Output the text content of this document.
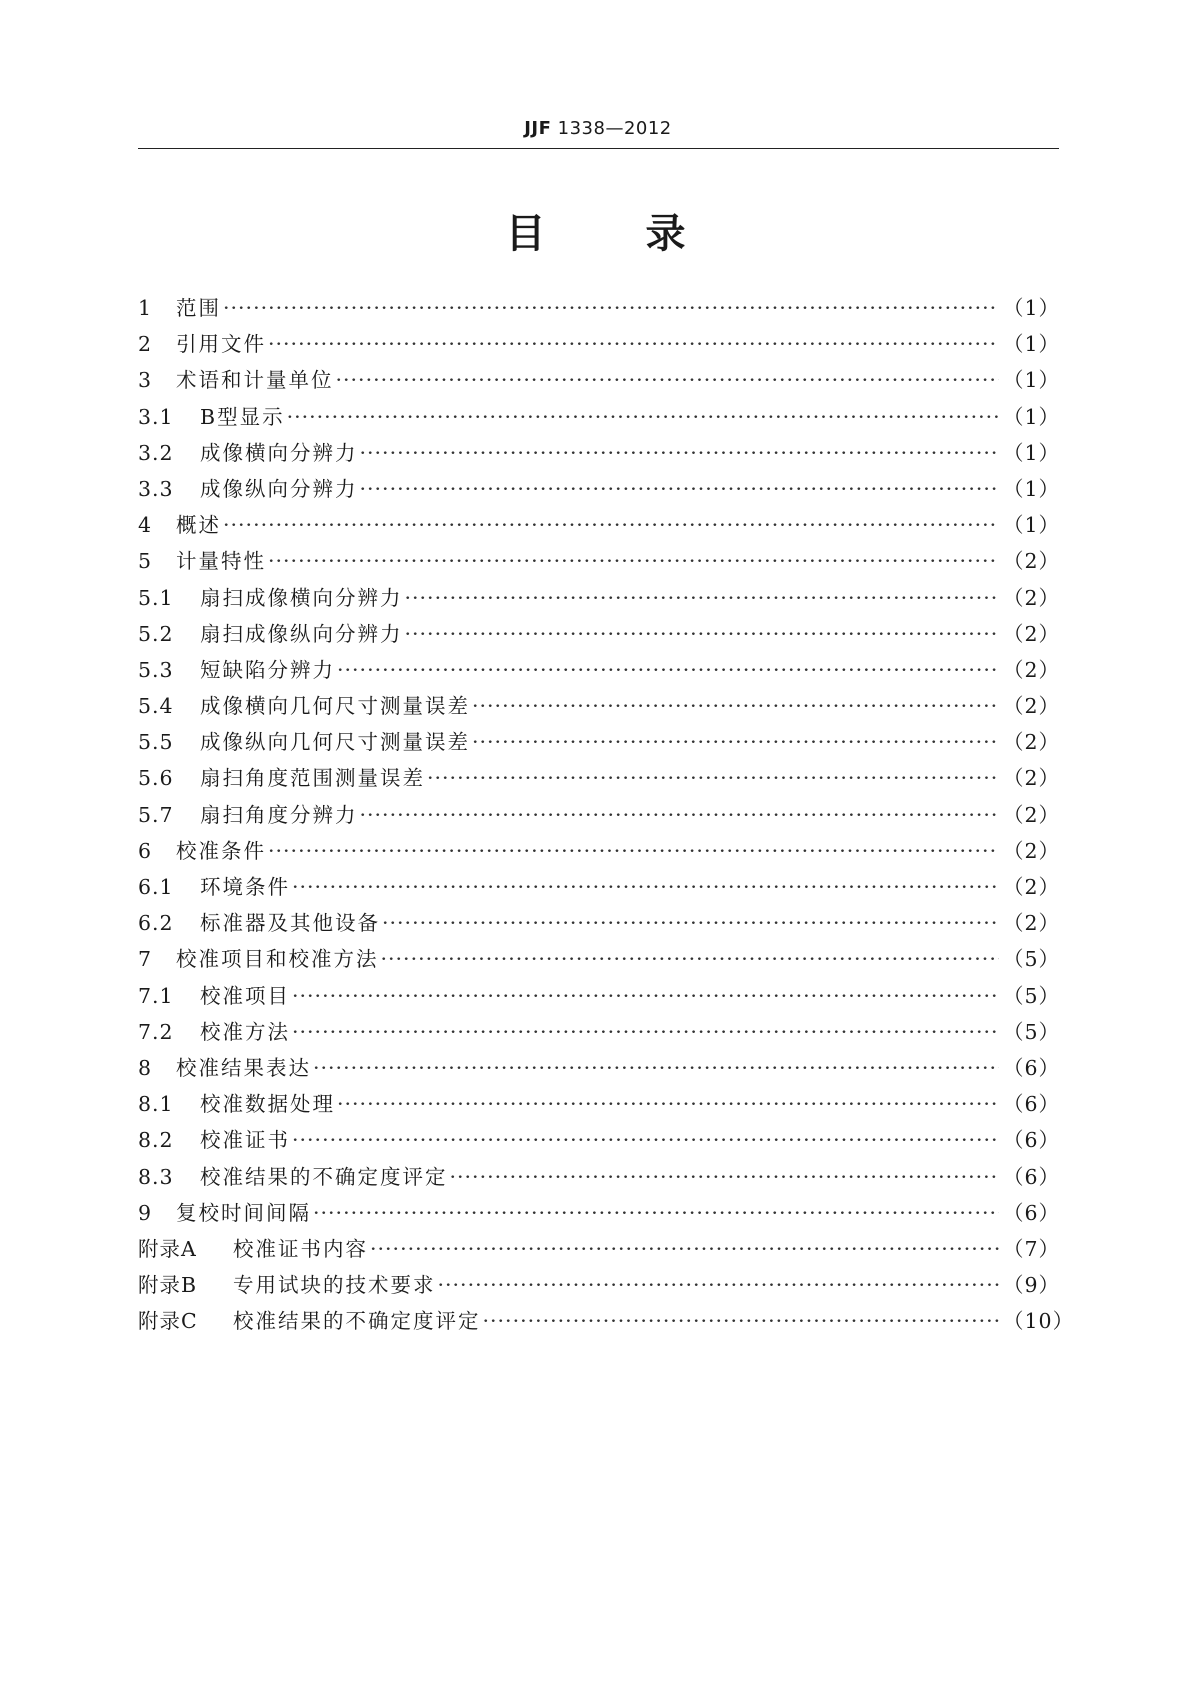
JJF 1338—2012
目	录
1	范围 ·····	（1）
2	引用文件 ·····	（1）
3	术语和计量单位 ·····	（1）
3.1	B型显示 ·····	（1）
3.2	成像横向分辨力 ·····	（1）
3.3	成像纵向分辨力 ·····	（1）
4	概述 ·····	（1）
5	计量特性 ·····	（2）
5.1	扇扫成像横向分辨力 ·····	（2）
5.2	扇扫成像纵向分辨力 ·····	（2）
5.3	短缺陷分辨力 ·····	（2）
5.4	成像横向几何尺寸测量误差 ·····	（2）
5.5	成像纵向几何尺寸测量误差 ·····	（2）
5.6	扇扫角度范围测量误差 ·····	（2）
5.7	扇扫角度分辨力 ·····	（2）
6	校准条件 ·····	（2）
6.1	环境条件 ·····	（2）
6.2	标准器及其他设备 ·····	（2）
7	校准项目和校准方法 ·····	（5）
7.1	校准项目 ·····	（5）
7.2	校准方法 ·····	（5）
8	校准结果表达 ·····	（6）
8.1	校准数据处理 ·····	（6）
8.2	校准证书 ·····	（6）
8.3	校准结果的不确定度评定 ·····	（6）
9	复校时间间隔 ·····	（6）
附录A	校准证书内容 ·····	（7）
附录B	专用试块的技术要求 ·····	（9）
附录C	校准结果的不确定度评定 ·····	（10）
